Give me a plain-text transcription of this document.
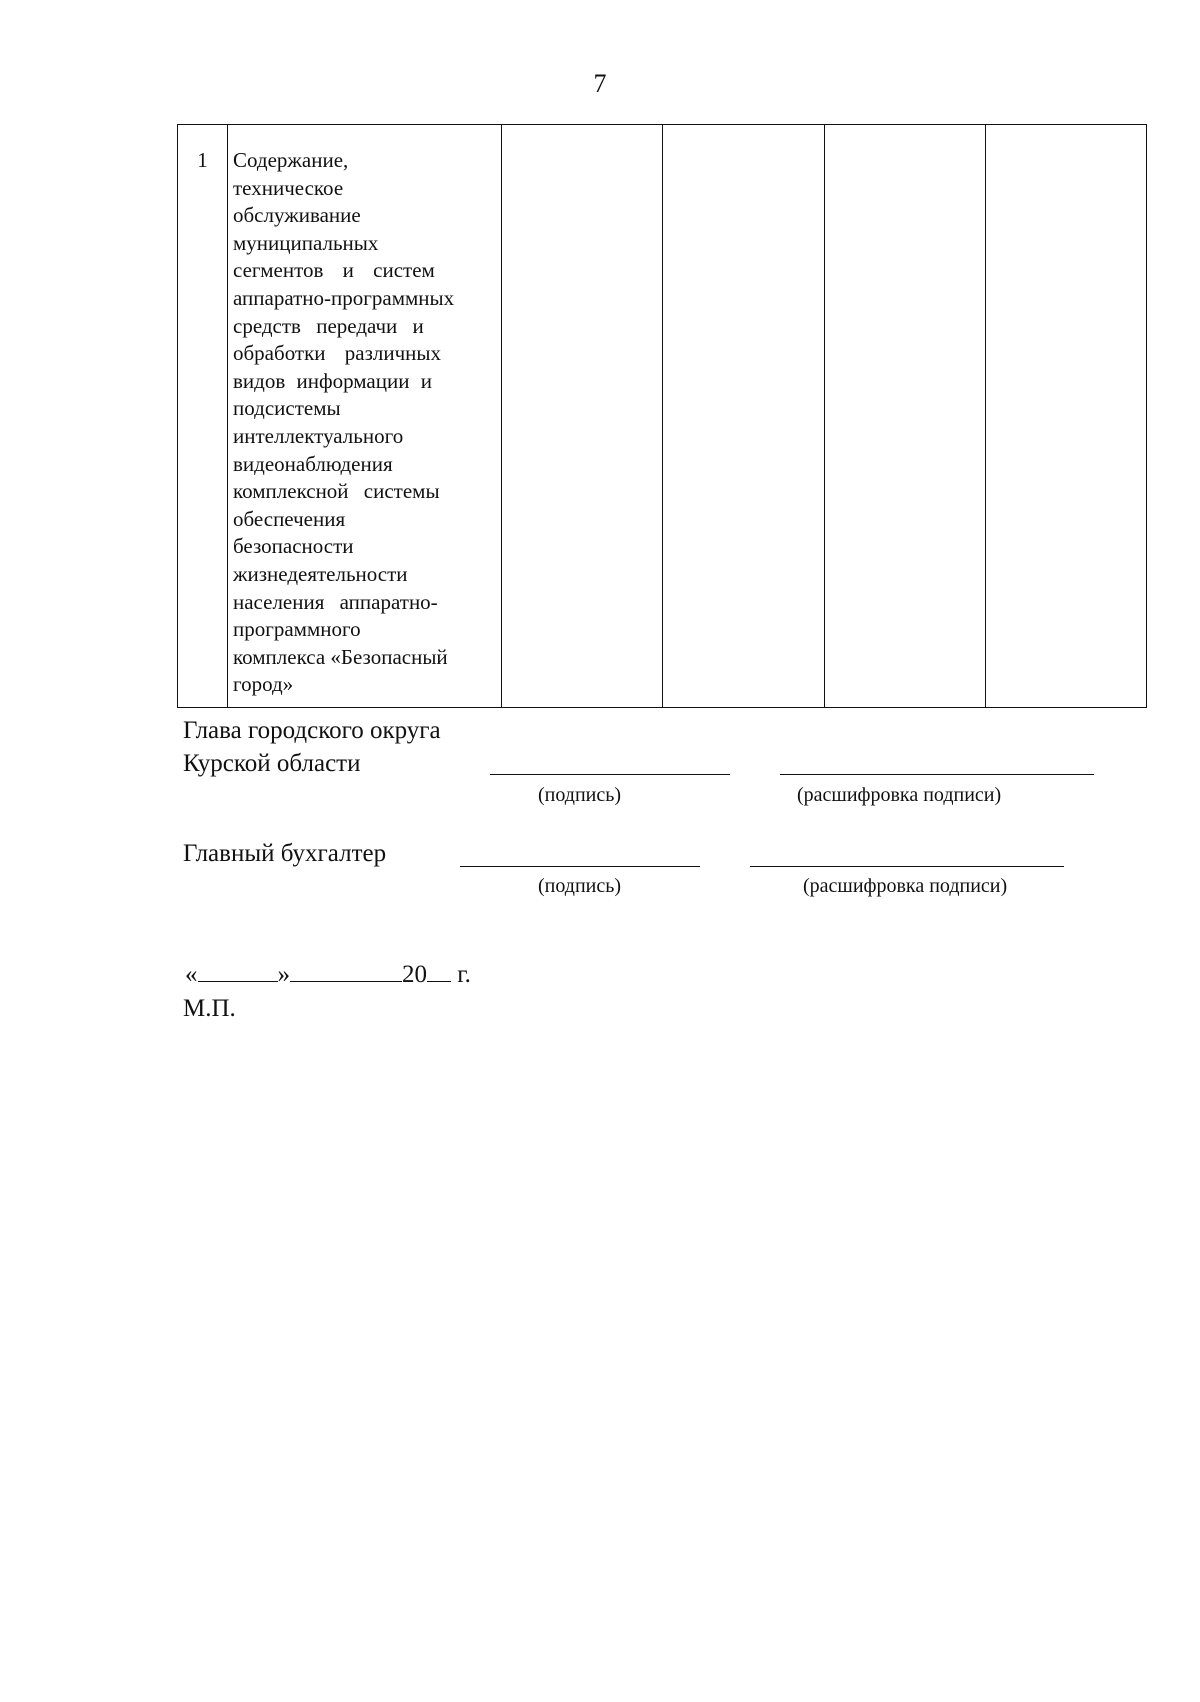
7
1	Содержание,
техническое
обслуживание
муниципальных
сегментов и систем
аппаратно-программных
средств передачи и
обработки различных
видов информации и
подсистемы
интеллектуального
видеонаблюдения
комплексной системы
обеспечения
безопасности
жизнедеятельности
населения аппаратно-
программного
комплекса «Безопасный
город»

Глава городского округа
Курской области
(подпись)	(расшифровка подписи)
Главный бухгалтер
(подпись)	(расшифровка подписи)
«	»	20 г.
М.П.
